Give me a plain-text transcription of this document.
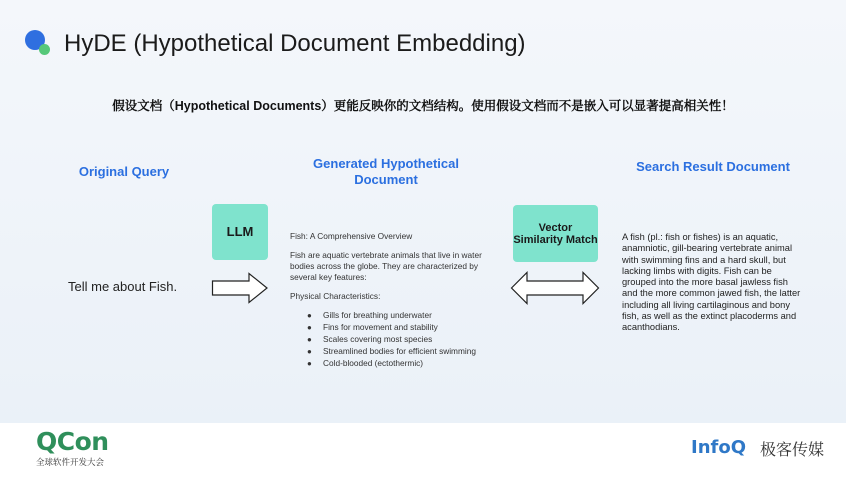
HyDE (Hypothetical Document Embedding)
假设文档（Hypothetical Documents）更能反映你的文档结构。使用假设文档而不是嵌入可以显著提高相关性！
Original Query
Generated Hypothetical Document
Search Result Document
LLM	Vector Similarity Match
Tell me about Fish.

Fish: A Comprehensive Overview

Fish are aquatic vertebrate animals that live in water bodies across the globe. They are characterized by several key features:

Physical Characteristics:

● Gills for breathing underwater
● Fins for movement and stability
● Scales covering most species
● Streamlined bodies for efficient swimming
● Cold-blooded (ectothermic)
A fish (pl.: fish or fishes) is an aquatic, anamniotic, gill-bearing vertebrate animal with swimming fins and a hard skull, but lacking limbs with digits. Fish can be grouped into the more basal jawless fish and the more common jawed fish, the latter including all living cartilaginous and bony fish, as well as the extinct placoderms and acanthodians.
QCon
全球软件开发大会
InfoQ 极客传媒
